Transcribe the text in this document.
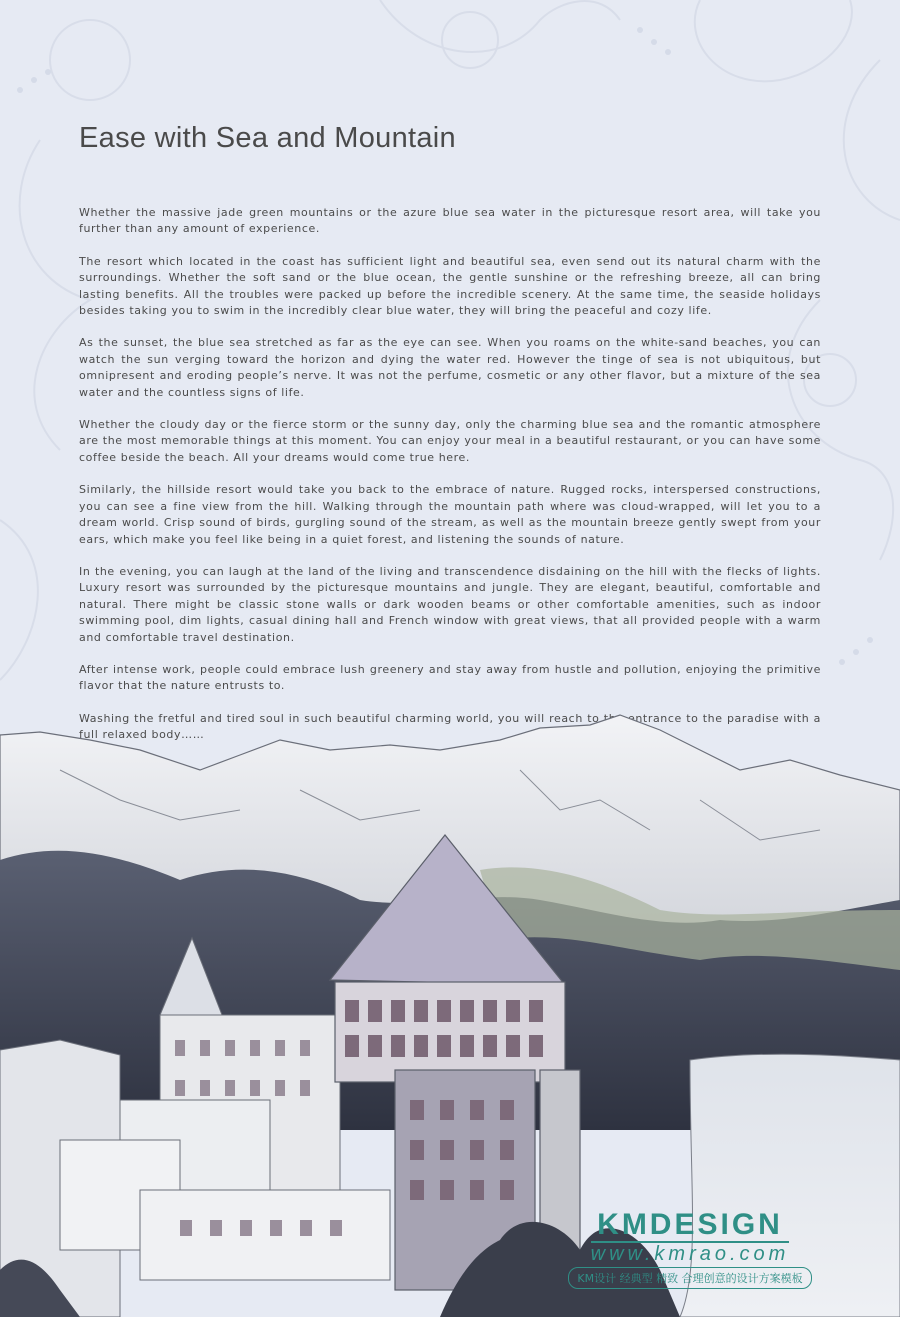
Ease with Sea and Mountain

Whether the massive jade green mountains or the azure blue sea water in the picturesque resort area, will take you further than any amount of experience.

The resort which located in the coast has sufficient light and beautiful sea, even send out its natural charm with the surroundings. Whether the soft sand or the blue ocean, the gentle sunshine or the refreshing breeze, all can bring lasting benefits. All the troubles were packed up before the incredible scenery. At the same time, the seaside holidays besides taking you to swim in the incredibly clear blue water, they will bring the peaceful and cozy life.

As the sunset, the blue sea stretched as far as the eye can see. When you roams on the white-sand beaches, you can watch the sun verging toward the horizon and dying the water red. However the tinge of sea is not ubiquitous, but omnipresent and eroding people’s nerve. It was not the perfume, cosmetic or any other flavor, but a mixture of the sea water and the countless signs of life.

Whether the cloudy day or the fierce storm or the sunny day, only the charming blue sea and the romantic atmosphere are the most memorable things at this moment. You can enjoy your meal in a beautiful restaurant, or you can have some coffee beside the beach. All your dreams would come true here.

Similarly, the hillside resort would take you back to the embrace of nature. Rugged rocks, interspersed constructions, you can see a fine view from the hill. Walking through the mountain path where was cloud-wrapped, will let you to a dream world. Crisp sound of birds, gurgling sound of the stream, as well as the mountain breeze gently swept from your ears, which make you feel like being in a quiet forest, and listening the sounds of nature.

In the evening, you can laugh at the land of the living and transcendence disdaining on the hill with the flecks of lights. Luxury resort was surrounded by the picturesque mountains and jungle. They are elegant, beautiful, comfortable and natural. There might be classic stone walls or dark wooden beams or other comfortable amenities, such as indoor swimming pool, dim lights, casual dining hall and French window with great views, that all provided people with a warm and comfortable travel destination.

After intense work, people could embrace lush greenery and stay away from hustle and pollution, enjoying the primitive flavor that the nature entrusts to.

Washing the fretful and tired soul in such beautiful charming world, you will reach to the entrance to the paradise with a full relaxed body……

KMDESIGN
www.kmrao.com
KM设计 经典型 精致 合理创意的设计方案模板
